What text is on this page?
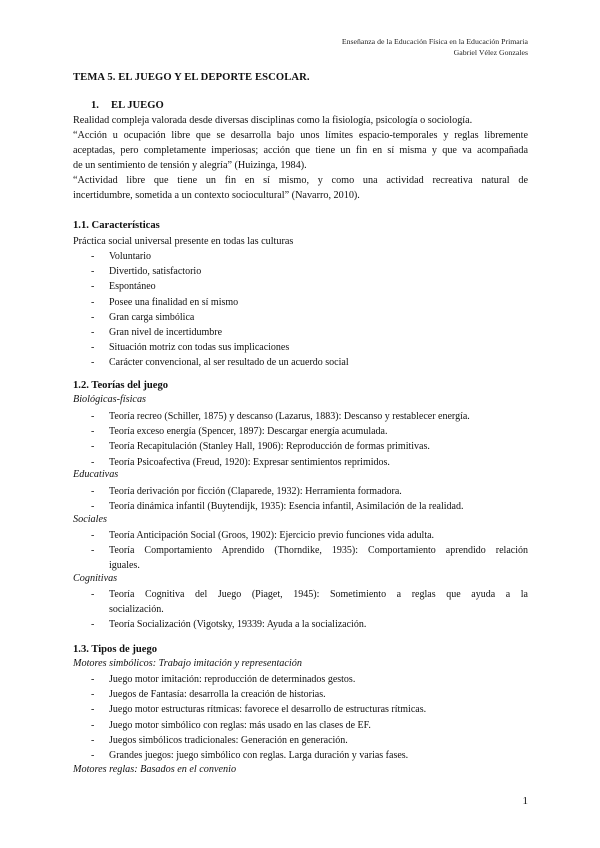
Enseñanza de la Educación Física en la Educación Primaria
Gabriel Vélez Gonzales
TEMA 5. EL JUEGO Y EL DEPORTE ESCOLAR.
1. EL JUEGO
Realidad compleja valorada desde diversas disciplinas como la fisiología, psicología o sociología.
“Acción u ocupación libre que se desarrolla bajo unos límites espacio-temporales y reglas libremente
aceptadas, pero completamente imperiosas; acción que tiene un fin en sí misma y que va acompañada
de un sentimiento de tensión y alegría” (Huizinga, 1984).
“Actividad libre que tiene un fin en sí mismo, y como una actividad recreativa natural de
incertidumbre, sometida a un contexto sociocultural” (Navarro, 2010).
1.1. Características
Práctica social universal presente en todas las culturas
- Voluntario
- Divertido, satisfactorio
- Espontáneo
- Posee una finalidad en sí mismo
- Gran carga simbólica
- Gran nivel de incertidumbre
- Situación motriz con todas sus implicaciones
- Carácter convencional, al ser resultado de un acuerdo social
1.2. Teorías del juego
Biológicas-físicas
- Teoría recreo (Schiller, 1875) y descanso (Lazarus, 1883): Descanso y restablecer energía.
- Teoría exceso energía (Spencer, 1897): Descargar energía acumulada.
- Teoría Recapitulación (Stanley Hall, 1906): Reproducción de formas primitivas.
- Teoría Psicoafectiva (Freud, 1920): Expresar sentimientos reprimidos.
Educativas
- Teoría derivación por ficción (Claparede, 1932): Herramienta formadora.
- Teoría dinámica infantil (Buytendijk, 1935): Esencia infantil, Asimilación de la realidad.
Sociales
- Teoría Anticipación Social (Groos, 1902): Ejercicio previo funciones vida adulta.
- Teoría Comportamiento Aprendido (Thorndike, 1935): Comportamiento aprendido relación
iguales.
Cognitivas
- Teoría Cognitiva del Juego (Piaget, 1945): Sometimiento a reglas que ayuda a la
socialización.
- Teoría Socialización (Vigotsky, 19339: Ayuda a la socialización.
1.3. Tipos de juego
Motores simbólicos: Trabajo imitación y representación
- Juego motor imitación: reproducción de determinados gestos.
- Juegos de Fantasía: desarrolla la creación de historias.
- Juego motor estructuras rítmicas: favorece el desarrollo de estructuras rítmicas.
- Juego motor simbólico con reglas: más usado en las clases de EF.
- Juegos simbólicos tradicionales: Generación en generación.
- Grandes juegos: juego simbólico con reglas. Larga duración y varias fases.
Motores reglas: Basados en el convenio
1
